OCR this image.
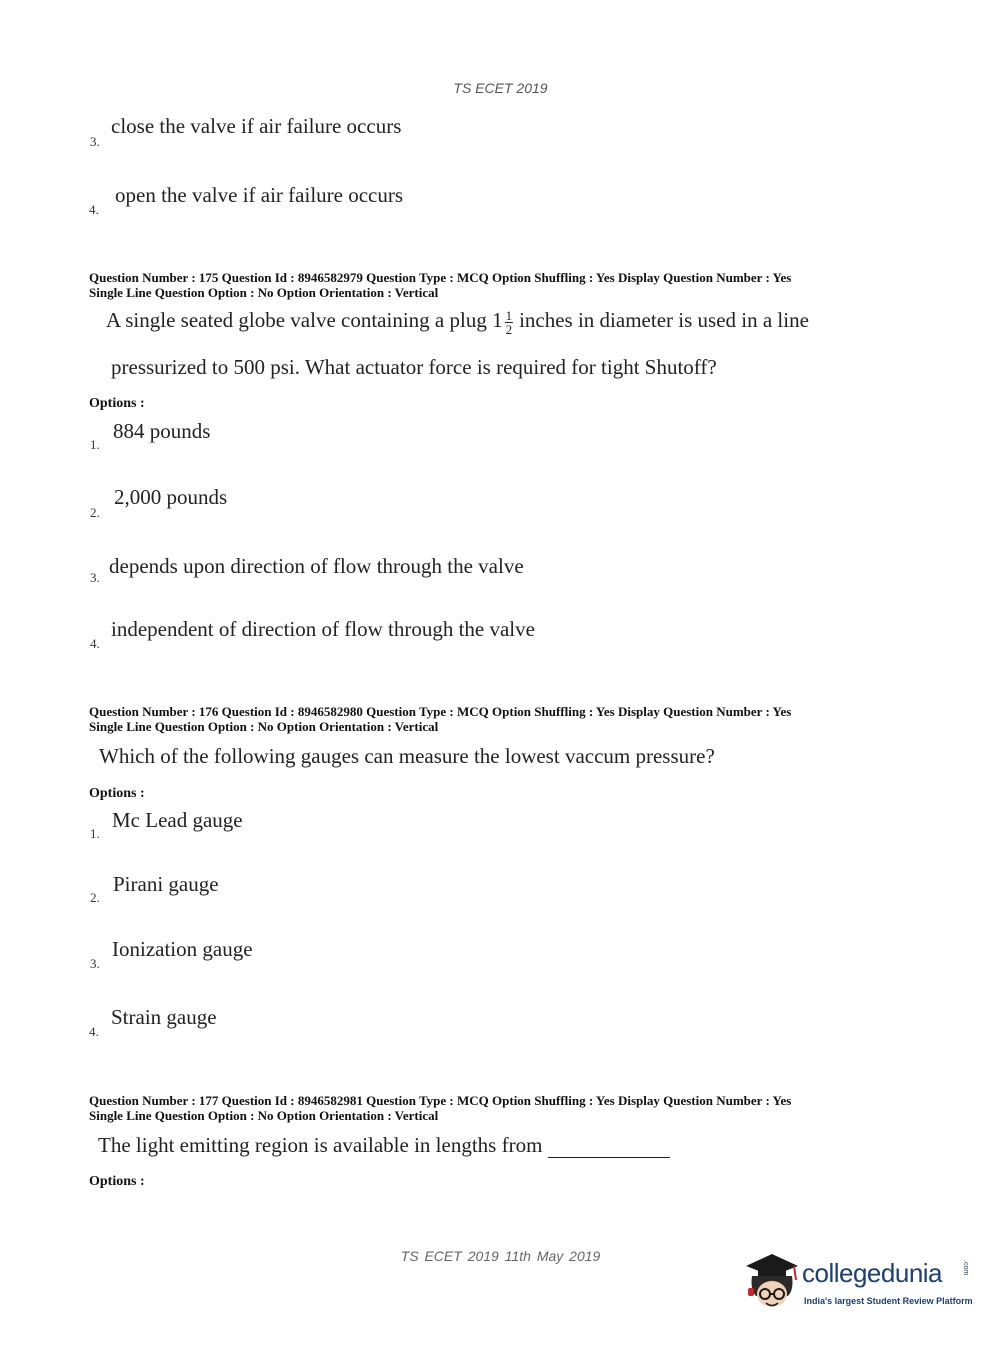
TS ECET 2019
3.
close the valve if air failure occurs
4.
open the valve if air failure occurs
Question Number : 175 Question Id : 8946582979 Question Type : MCQ Option Shuffling : Yes Display Question Number : Yes
Single Line Question Option : No Option Orientation : Vertical
A single seated globe valve containing a plug $1 \frac{1}{2}$ inches in diameter is used in a line
pressurized to 500 psi. What actuator force is required for tight Shutoff?
Options :
1.
884 pounds
2.
2,000 pounds
3. depends upon direction of flow through the valve
4.
independent of direction of flow through the valve
Question Number : 176 Question Id : 8946582980 Question Type : MCQ Option Shuffling : Yes Display Question Number : Yes
Single Line Question Option : No Option Orientation : Vertical
Which of the following gauges can measure the lowest vaccum pressure?
Options :
1.
Mc Lead gauge
2.
Pirani gauge
3.
Ionization gauge
4.
Strain gauge
Question Number : 177 Question Id : 8946582981 Question Type : MCQ Option Shuffling : Yes Display Question Number : Yes
Single Line Question Option : No Option Orientation : Vertical
The light emitting region is available in lengths from
Options :
TS ECET 2019 11th May 2019
collegedunia	.com
India's largest Student Review Platform
